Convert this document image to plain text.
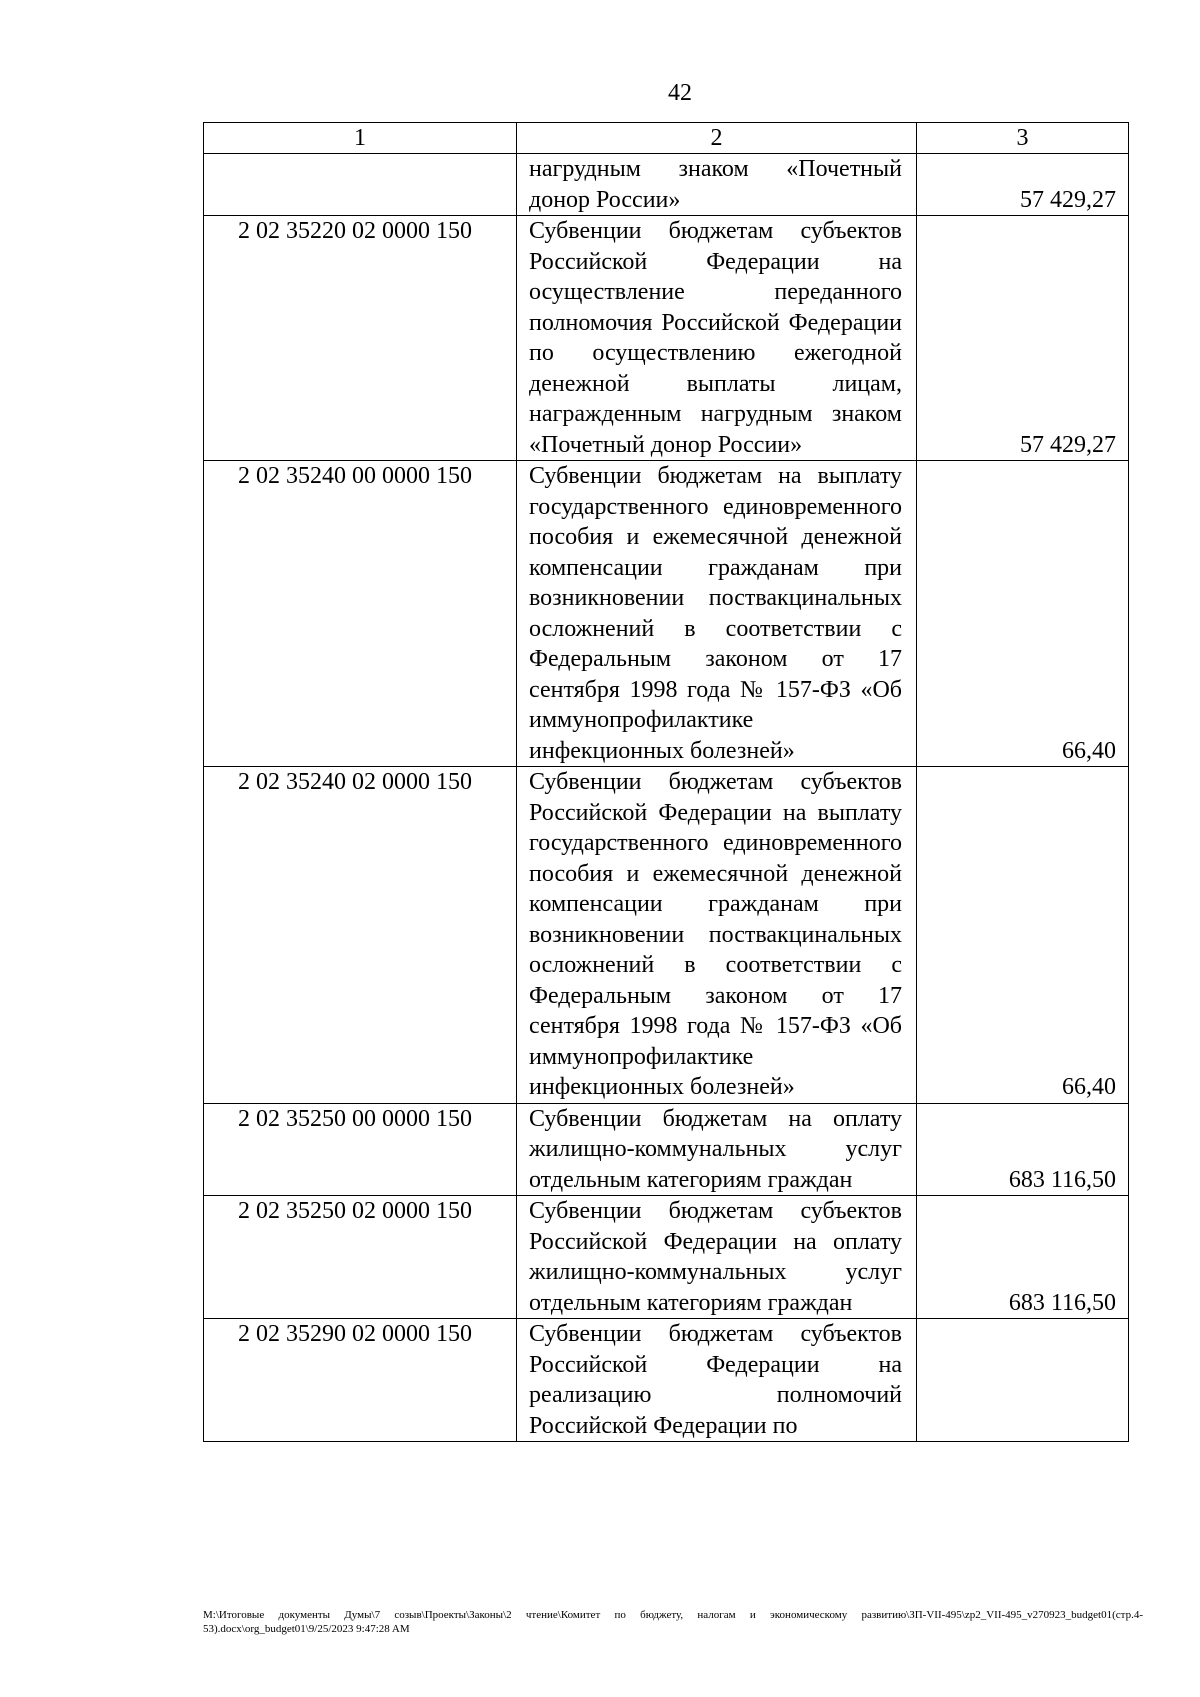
42
1	2	3
	нагрудным знаком «Почетный донор России»	57 429,27
2 02 35220 02 0000 150	Субвенции бюджетам субъектов Российской Федерации на осуществление переданного полномочия Российской Федерации по осуществлению ежегодной денежной выплаты лицам, награжденным нагрудным знаком «Почетный донор России»	57 429,27
2 02 35240 00 0000 150	Субвенции бюджетам на выплату государственного единовременного пособия и ежемесячной денежной компенсации гражданам при возникновении поствакцинальных осложнений в соответствии с Федеральным законом от 17 сентября 1998 года № 157-ФЗ «Об иммунопрофилактике инфекционных болезней»	66,40
2 02 35240 02 0000 150	Субвенции бюджетам субъектов Российской Федерации на выплату государственного единовременного пособия и ежемесячной денежной компенсации гражданам при возникновении поствакцинальных осложнений в соответствии с Федеральным законом от 17 сентября 1998 года № 157-ФЗ «Об иммунопрофилактике инфекционных болезней»	66,40
2 02 35250 00 0000 150	Субвенции бюджетам на оплату жилищно-коммунальных услуг отдельным категориям граждан	683 116,50
2 02 35250 02 0000 150	Субвенции бюджетам субъектов Российской Федерации на оплату жилищно-коммунальных услуг отдельным категориям граждан	683 116,50
2 02 35290 02 0000 150	Субвенции бюджетам субъектов Российской Федерации на реализацию полномочий Российской Федерации по	
M:\Итоговые документы Думы\7 созыв\Проекты\Законы\2 чтение\Комитет по бюджету, налогам и экономическому развитию\ЗП-VII-495\zp2_VII-495_v270923_budget01(стр.4-53).docx\org_budget01\9/25/2023 9:47:28 AM
